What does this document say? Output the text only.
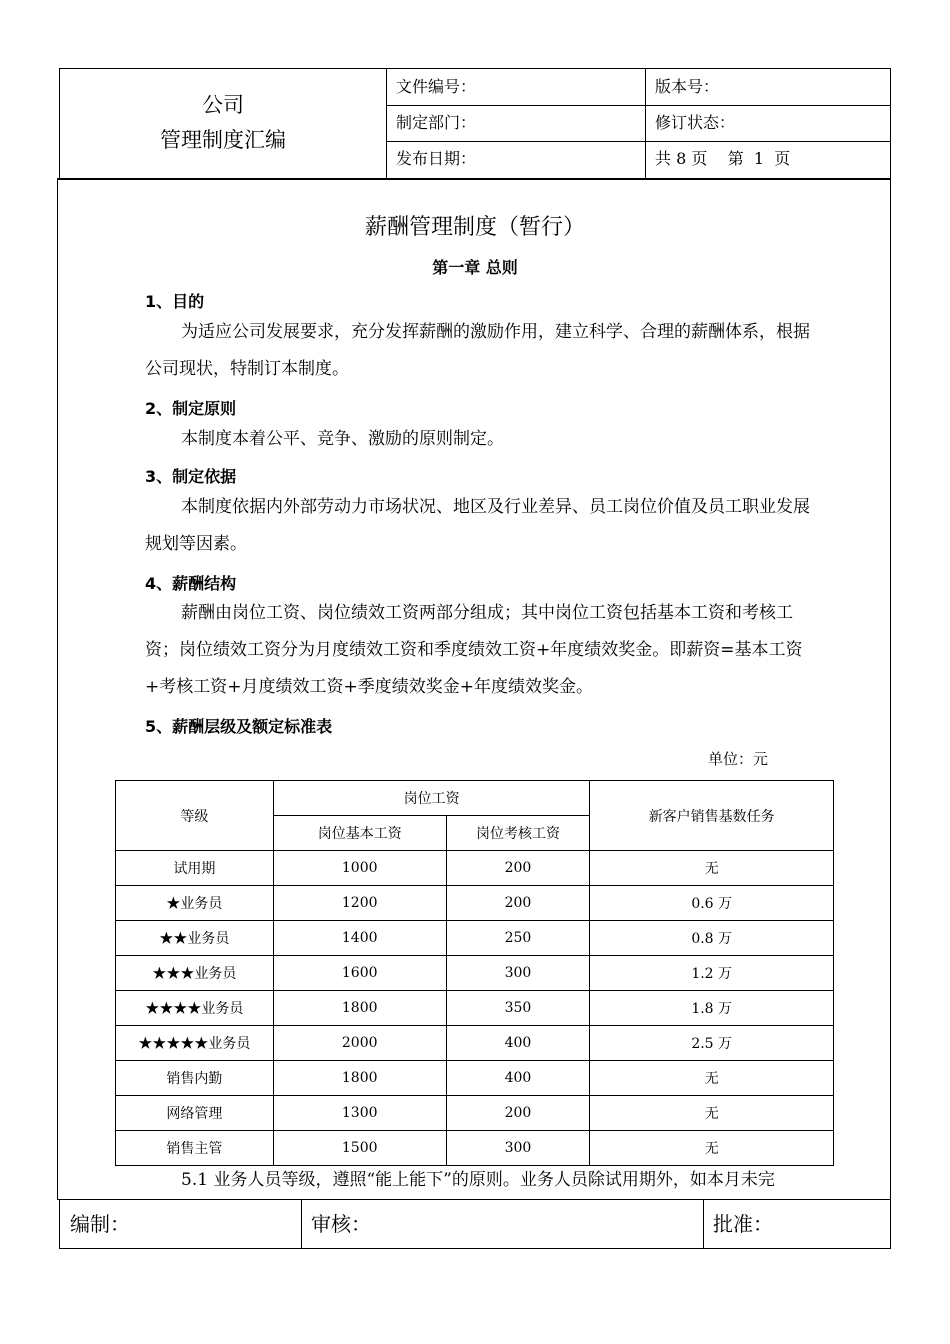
公司
管理制度汇编
文件编号：	版本号：
制定部门：	修订状态：
发布日期：	共 8 页    第  1  页
薪酬管理制度（暂行）
第一章 总则
1、目的
为适应公司发展要求，充分发挥薪酬的激励作用，建立科学、合理的薪酬体系，根据公司现状，特制订本制度。
2、制定原则
本制度本着公平、竞争、激励的原则制定。
3、制定依据
本制度依据内外部劳动力市场状况、地区及行业差异、员工岗位价值及员工职业发展规划等因素。
4、薪酬结构
薪酬由岗位工资、岗位绩效工资两部分组成；其中岗位工资包括基本工资和考核工资；岗位绩效工资分为月度绩效工资和季度绩效工资+年度绩效奖金。即薪资=基本工资+考核工资+月度绩效工资+季度绩效奖金+年度绩效奖金。
5、薪酬层级及额定标准表
单位：元
等级	岗位工资		新客户销售基数任务
	岗位基本工资	岗位考核工资	
试用期	1000	200	无
★业务员	1200	200	0.6 万
★★业务员	1400	250	0.8 万
★★★业务员	1600	300	1.2 万
★★★★业务员	1800	350	1.8 万
★★★★★业务员	2000	400	2.5 万
销售内勤	1800	400	无
网络管理	1300	200	无
销售主管	1500	300	无
5.1 业务人员等级，遵照“能上能下”的原则。业务人员除试用期外，如本月未完
编制：	审核：	批准：
